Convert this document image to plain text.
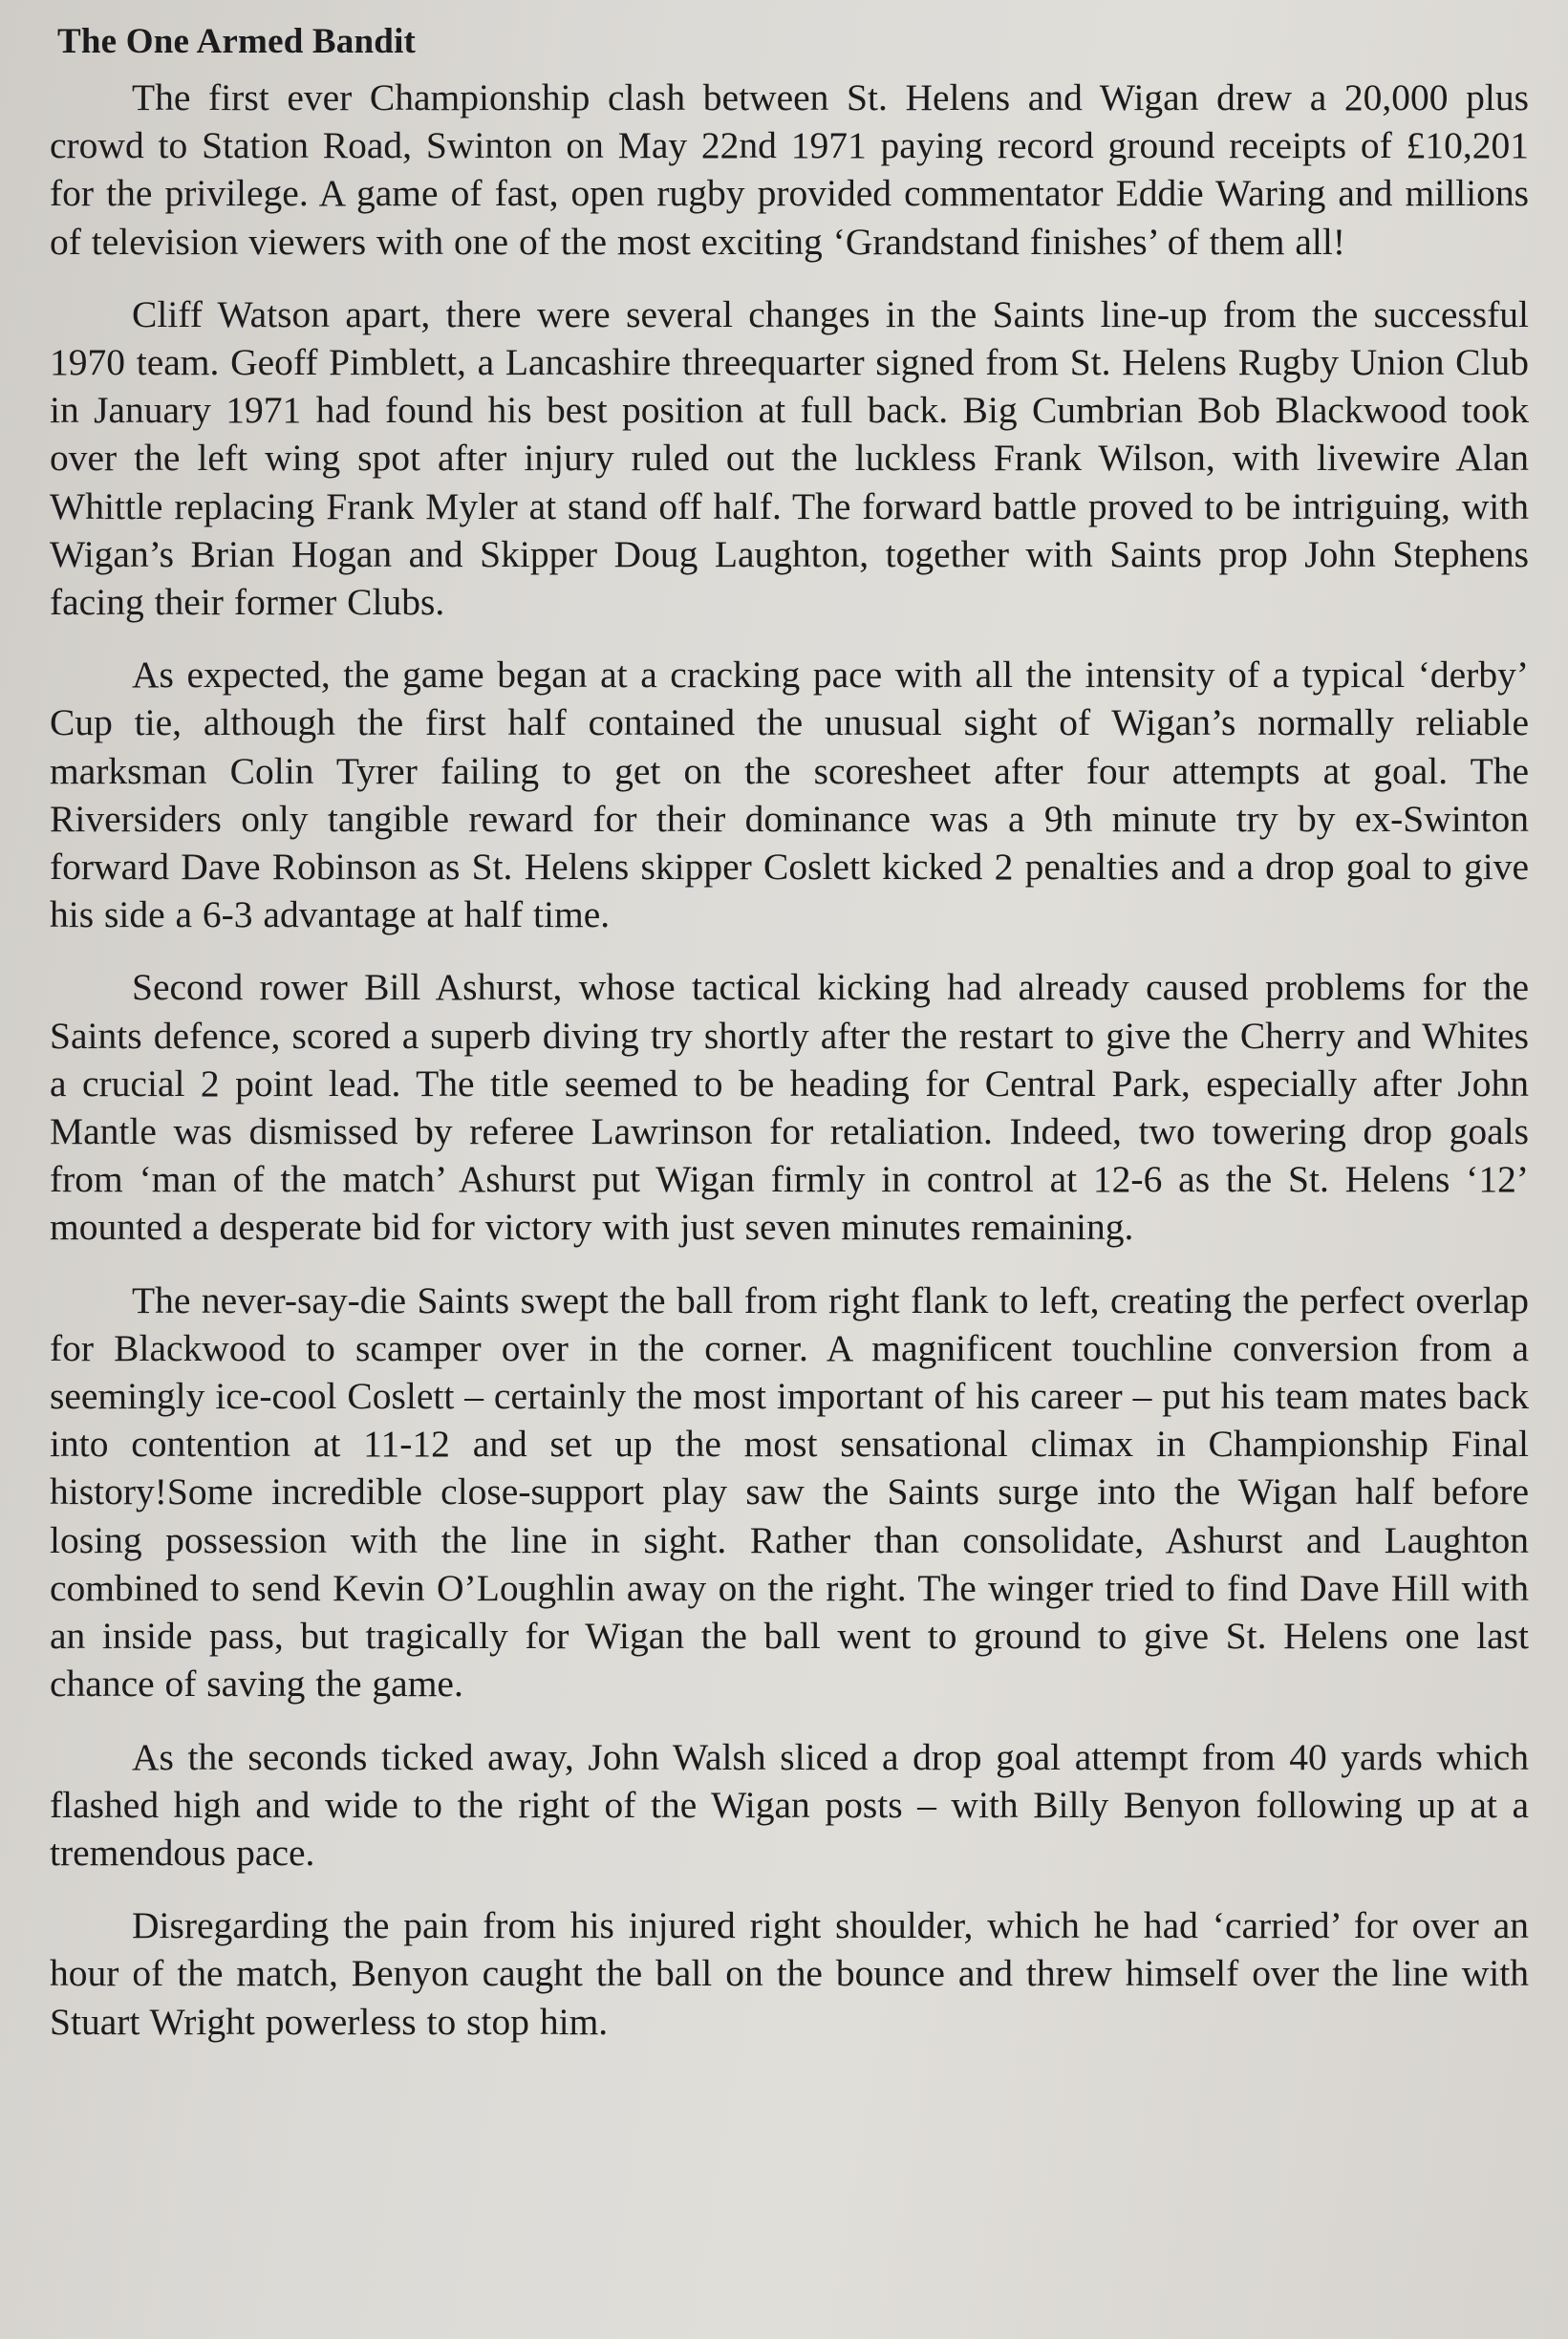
The One Armed Bandit

The first ever Championship clash between St. Helens and Wigan drew a 20,000 plus crowd to Station Road, Swinton on May 22nd 1971 paying record ground receipts of £10,201 for the privilege. A game of fast, open rugby provided commentator Eddie Waring and millions of television viewers with one of the most exciting ‘Grandstand finishes’ of them all!

Cliff Watson apart, there were several changes in the Saints line-up from the successful 1970 team. Geoff Pimblett, a Lancashire threequarter signed from St. Helens Rugby Union Club in January 1971 had found his best position at full back. Big Cumbrian Bob Blackwood took over the left wing spot after injury ruled out the luckless Frank Wilson, with livewire Alan Whittle replacing Frank Myler at stand off half. The forward battle proved to be intriguing, with Wigan’s Brian Hogan and Skipper Doug Laughton, together with Saints prop John Stephens facing their former Clubs.

As expected, the game began at a cracking pace with all the intensity of a typical ‘derby’ Cup tie, although the first half contained the unusual sight of Wigan’s normally reliable marksman Colin Tyrer failing to get on the scoresheet after four attempts at goal. The Riversiders only tangible reward for their dominance was a 9th minute try by ex-Swinton forward Dave Robinson as St. Helens skipper Coslett kicked 2 penalties and a drop goal to give his side a 6-3 advantage at half time.

Second rower Bill Ashurst, whose tactical kicking had already caused problems for the Saints defence, scored a superb diving try shortly after the restart to give the Cherry and Whites a crucial 2 point lead. The title seemed to be heading for Central Park, especially after John Mantle was dismissed by referee Lawrinson for retaliation. Indeed, two towering drop goals from ‘man of the match’ Ashurst put Wigan firmly in control at 12-6 as the St. Helens ‘12’ mounted a desperate bid for victory with just seven minutes remaining.

The never-say-die Saints swept the ball from right flank to left, creating the perfect overlap for Blackwood to scamper over in the corner. A magnificent touchline conversion from a seemingly ice-cool Coslett – certainly the most important of his career – put his team mates back into contention at 11-12 and set up the most sensational climax in Championship Final history!Some incredible close-support play saw the Saints surge into the Wigan half before losing possession with the line in sight. Rather than consolidate, Ashurst and Laughton combined to send Kevin O’Loughlin away on the right. The winger tried to find Dave Hill with an inside pass, but tragically for Wigan the ball went to ground to give St. Helens one last chance of saving the game.

As the seconds ticked away, John Walsh sliced a drop goal attempt from 40 yards which flashed high and wide to the right of the Wigan posts – with Billy Benyon following up at a tremendous pace.

Disregarding the pain from his injured right shoulder, which he had ‘carried’ for over an hour of the match, Benyon caught the ball on the bounce and threw himself over the line with Stuart Wright powerless to stop him.
